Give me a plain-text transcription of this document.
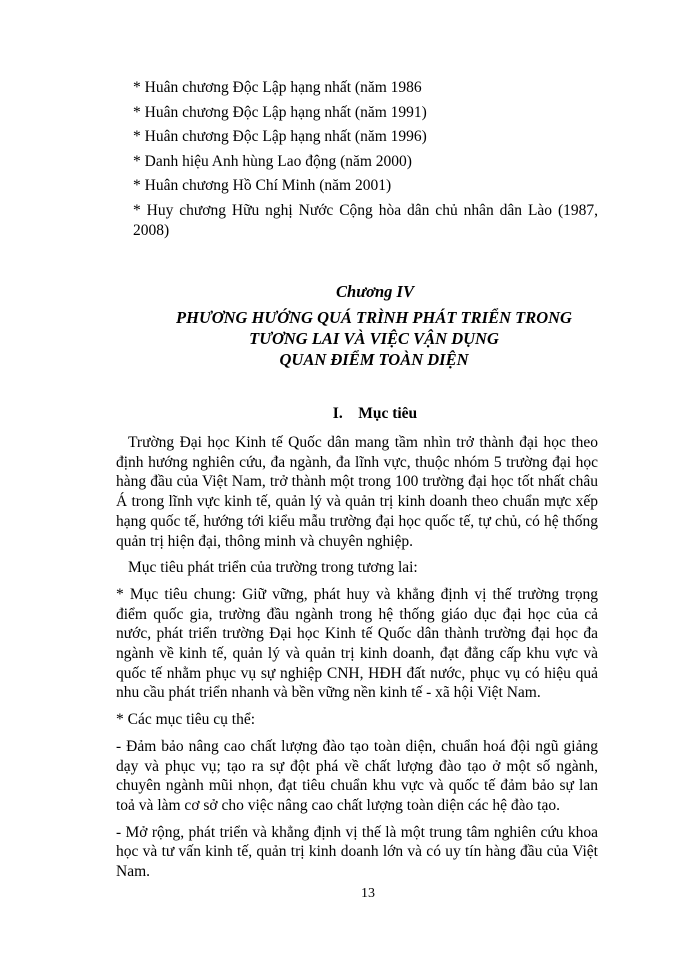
* Huân chương Độc Lập hạng nhất (năm 1986

* Huân chương Độc Lập hạng nhất (năm 1991)

* Huân chương Độc Lập hạng nhất (năm 1996)

* Danh hiệu Anh hùng Lao động (năm 2000)

* Huân chương Hồ Chí Minh (năm 2001)

* Huy chương Hữu nghị Nước Cộng hòa dân chủ nhân dân Lào (1987, 2008)

Chương IV
PHƯƠNG HƯỚNG QUÁ TRÌNH PHÁT TRIỂN TRONG
TƯƠNG LAI VÀ VIỆC VẬN DỤNG
QUAN ĐIỂM TOÀN DIỆN
I. Mục tiêu

Trường Đại học Kinh tế Quốc dân mang tầm nhìn trở thành đại học theo định hướng nghiên cứu, đa ngành, đa lĩnh vực, thuộc nhóm 5 trường đại học hàng đầu của Việt Nam, trở thành một trong 100 trường đại học tốt nhất châu Á trong lĩnh vực kinh tế, quản lý và quản trị kinh doanh theo chuẩn mực xếp hạng quốc tế, hướng tới kiểu mẫu trường đại học quốc tế, tự chủ, có hệ thống quản trị hiện đại, thông minh và chuyên nghiệp.

Mục tiêu phát triển của trường trong tương lai:

* Mục tiêu chung: Giữ vững, phát huy và khẳng định vị thế trường trọng điểm quốc gia, trường đầu ngành trong hệ thống giáo dục đại học của cả nước, phát triển trường Đại học Kinh tế Quốc dân thành trường đại học đa ngành về kinh tế, quản lý và quản trị kinh doanh, đạt đẳng cấp khu vực và quốc tế nhằm phục vụ sự nghiệp CNH, HĐH đất nước, phục vụ có hiệu quả nhu cầu phát triển nhanh và bền vững nền kinh tế - xã hội Việt Nam.

* Các mục tiêu cụ thể:

- Đảm bảo nâng cao chất lượng đào tạo toàn diện, chuẩn hoá đội ngũ giảng dạy và phục vụ; tạo ra sự đột phá về chất lượng đào tạo ở một số ngành, chuyên ngành mũi nhọn, đạt tiêu chuẩn khu vực và quốc tế đảm bảo sự lan toả và làm cơ sở cho việc nâng cao chất lượng toàn diện các hệ đào tạo.

- Mở rộng, phát triển và khẳng định vị thế là một trung tâm nghiên cứu khoa học và tư vấn kinh tế, quản trị kinh doanh lớn và có uy tín hàng đầu của Việt Nam.

13
